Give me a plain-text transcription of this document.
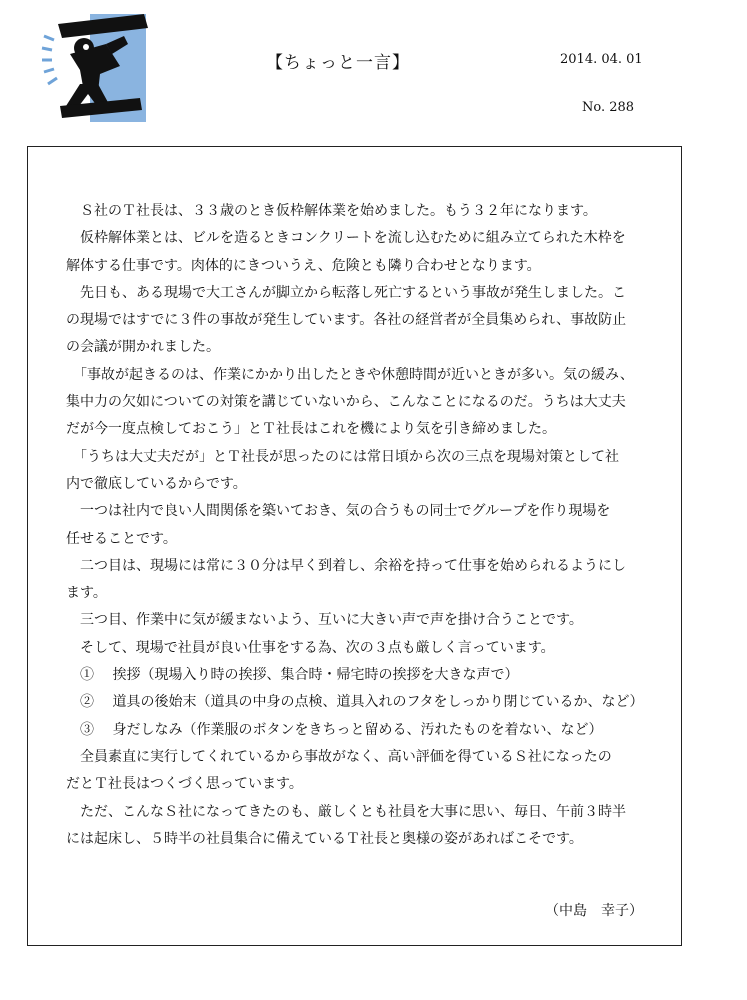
【ちょっと一言】	2014. 04. 01
No. 288
　Ｓ社のＴ社長は、３３歳のとき仮枠解体業を始めました。もう３２年になります。
　仮枠解体業とは、ビルを造るときコンクリートを流し込むために組み立てられた木枠を
解体する仕事です。肉体的にきついうえ、危険とも隣り合わせとなります。
　先日も、ある現場で大工さんが脚立から転落し死亡するという事故が発生しました。こ
の現場ではすでに３件の事故が発生しています。各社の経営者が全員集められ、事故防止
の会議が開かれました。
　「事故が起きるのは、作業にかかり出したときや休憩時間が近いときが多い。気の緩み、
集中力の欠如についての対策を講じていないから、こんなことになるのだ。うちは大丈夫
だが今一度点検しておこう」とＴ社長はこれを機により気を引き締めました。
　「うちは大丈夫だが」とＴ社長が思ったのには常日頃から次の三点を現場対策として社
内で徹底しているからです。
　一つは社内で良い人間関係を築いておき、気の合うもの同士でグループを作り現場を
任せることです。
　二つ目は、現場には常に３０分は早く到着し、余裕を持って仕事を始められるようにし
ます。
　三つ目、作業中に気が緩まないよう、互いに大きい声で声を掛け合うことです。
　そして、現場で社員が良い仕事をする為、次の３点も厳しく言っています。
　①　 挨拶（現場入り時の挨拶、集合時・帰宅時の挨拶を大きな声で）
　②　 道具の後始末（道具の中身の点検、道具入れのフタをしっかり閉じているか、など）
　③　 身だしなみ（作業服のボタンをきちっと留める、汚れたものを着ない、など）
　全員素直に実行してくれているから事故がなく、高い評価を得ているＳ社になったの
だとＴ社長はつくづく思っています。
　ただ、こんなＳ社になってきたのも、厳しくとも社員を大事に思い、毎日、午前３時半
には起床し、５時半の社員集合に備えているＴ社長と奥様の姿があればこそです。
（中島　幸子）
